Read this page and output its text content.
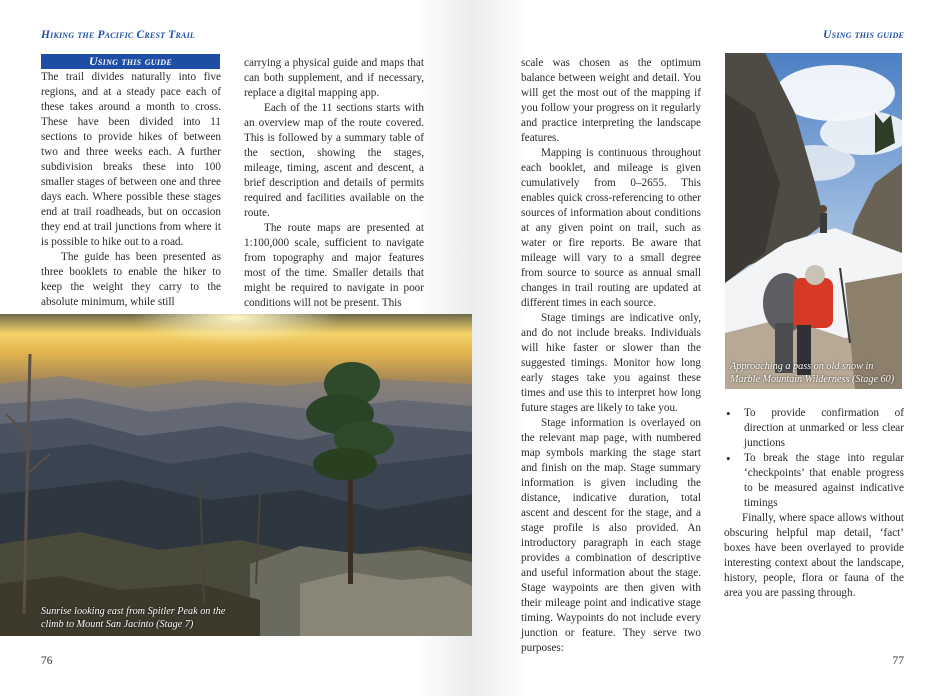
Hiking the Pacific Crest Trail
Using this guide

The trail divides naturally into five regions, and at a steady pace each of these takes around a month to cross. These have been divided into 11 sections to provide hikes of between two and three weeks each. A further subdivision breaks these into 100 smaller stages of between one and three days each. Where possible these stages end at trail roadheads, but on occasion they end at trail junctions from where it is possible to hike out to a road.

The guide has been presented as three booklets to enable the hiker to keep the weight they carry to the absolute minimum, while still

carrying a physical guide and maps that can both supplement, and if necessary, replace a digital mapping app.

Each of the 11 sections starts with an overview map of the route covered. This is followed by a summary table of the section, showing the stages, mileage, timing, ascent and descent, a brief description and details of permits required and facilities available on the route.

The route maps are presented at 1:100,000 scale, sufficient to navigate from topography and major features most of the time. Smaller details that might be required to navigate in poor conditions will not be present. This

Sunrise looking east from Spitler Peak on the climb to Mount San Jacinto (Stage 7)
76
Using this guide

scale was chosen as the optimum balance between weight and detail. You will get the most out of the mapping if you follow your progress on it regularly and practice interpreting the landscape features.

Mapping is continuous throughout each booklet, and mileage is given cumulatively from 0–2655. This enables quick cross-referencing to other sources of information about conditions at any given point on trail, such as water or fire reports. Be aware that mileage will vary to a small degree from source to source as annual small changes in trail routing are updated at different times in each source.

Stage timings are indicative only, and do not include breaks. Individuals will hike faster or slower than the suggested timings. Monitor how long early stages take you against these times and use this to interpret how long future stages are likely to take you.

Stage information is overlayed on the relevant map page, with numbered map symbols marking the stage start and finish on the map. Stage summary information is given including the distance, indicative duration, total ascent and descent for the stage, and a stage profile is also provided. An introductory paragraph in each stage provides a combination of descriptive and useful information about the stage. Stage waypoints are then given with their mileage point and indicative stage timing. Waypoints do not include every junction or feature. They serve two purposes:

Approaching a pass on old snow in Marble Mountain Wilderness (Stage 60)
• To provide confirmation of direction at unmarked or less clear junctions
• To break the stage into regular ‘checkpoints’ that enable progress to be measured against indicative timings

Finally, where space allows without obscuring helpful map detail, ‘fact’ boxes have been overlayed to provide interesting context about the landscape, history, people, flora or fauna of the area you are passing through.

77
